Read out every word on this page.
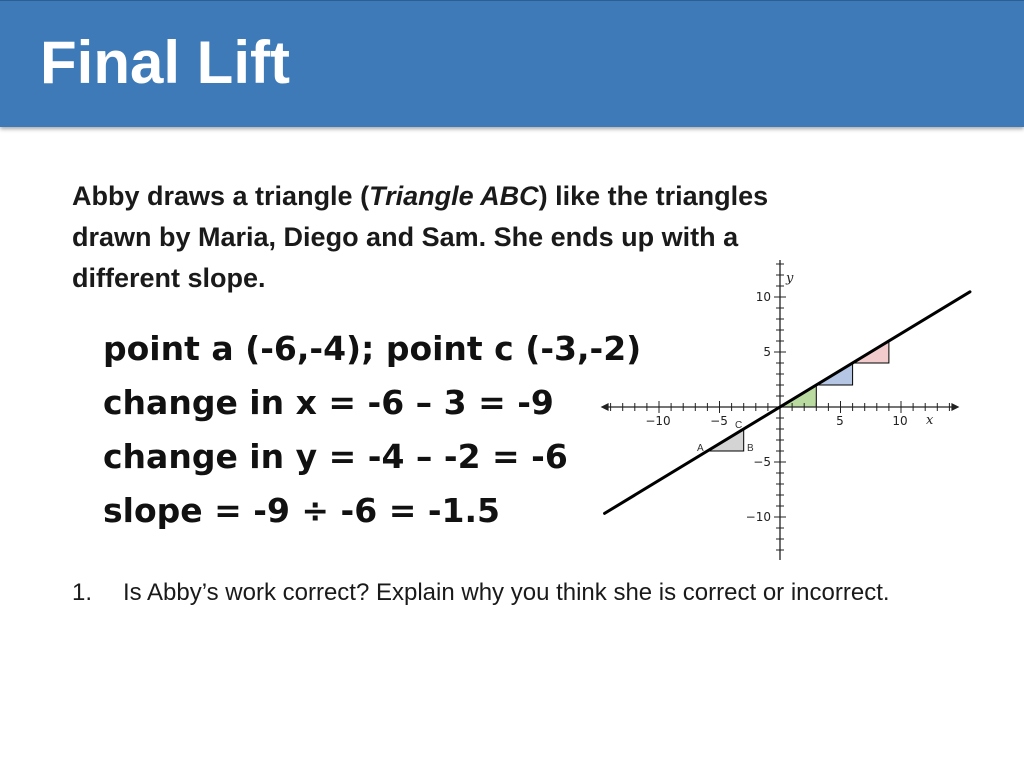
Final Lift

Abby draws a triangle (Triangle ABC) like the triangles drawn by Maria, Diego and Sam. She ends up with a different slope.

point a (-6,-4); point c (-3,-2)
change in x = -6 – 3 = -9
change in y = -4 – -2 = -6
slope = -9 ÷ -6 = -1.5
−10	−5	5	10
10
5
−5
−10
x
y
A	B
C
1. Is Abby’s work correct? Explain why you think she is correct or incorrect.
